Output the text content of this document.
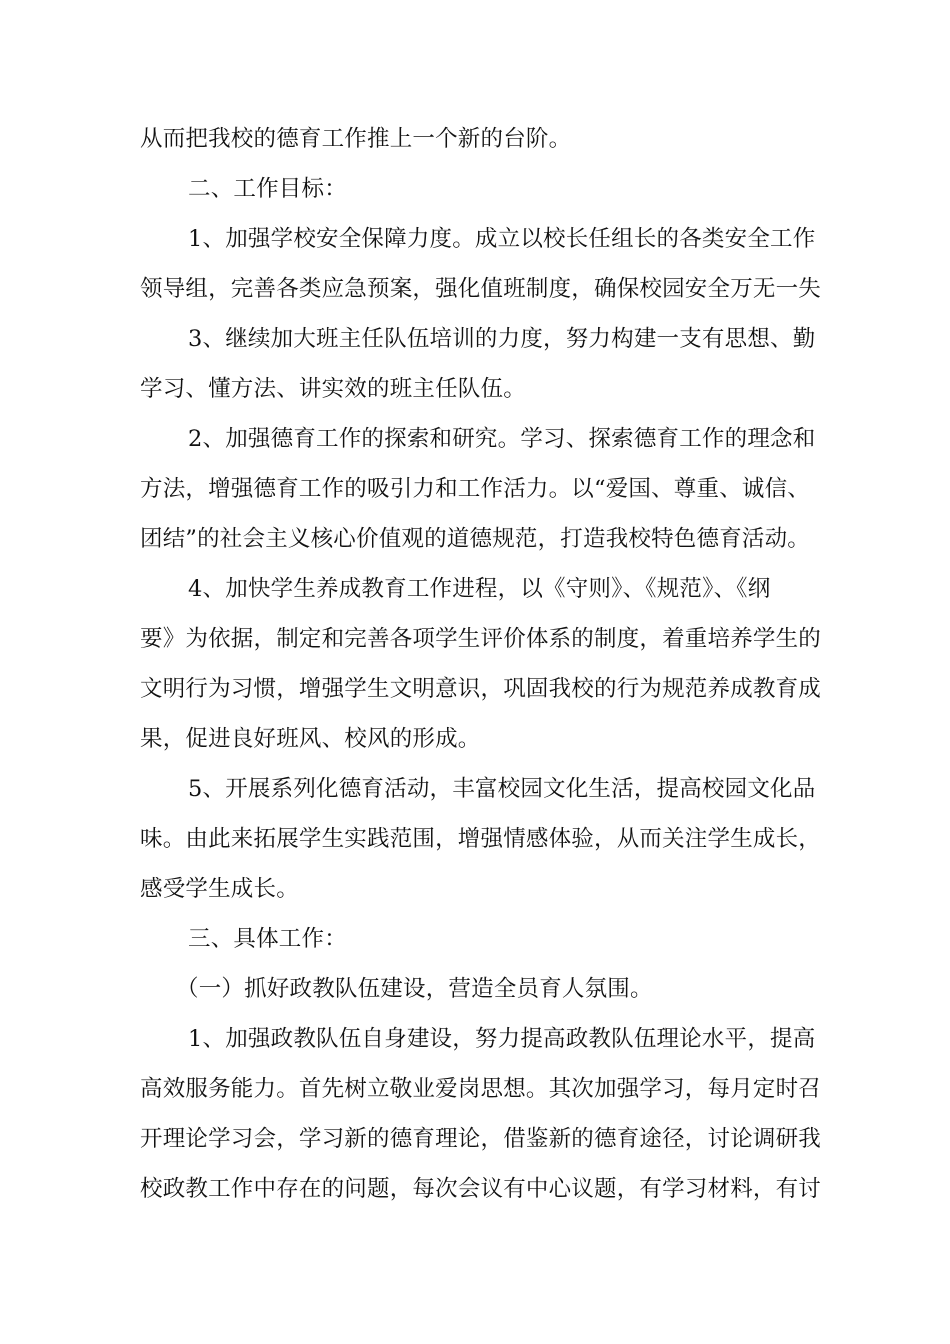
从而把我校的德育工作推上一个新的台阶。
二、工作目标：
1、加强学校安全保障力度。成立以校长任组长的各类安全工作
领导组，完善各类应急预案，强化值班制度，确保校园安全万无一失
3、继续加大班主任队伍培训的力度，努力构建一支有思想、勤
学习、懂方法、讲实效的班主任队伍。
2、加强德育工作的探索和研究。学习、探索德育工作的理念和
方法，增强德育工作的吸引力和工作活力。以“爱国、尊重、诚信、
团结”的社会主义核心价值观的道德规范，打造我校特色德育活动。
4、加快学生养成教育工作进程，以《守则》、《规范》、《纲
要》为依据，制定和完善各项学生评价体系的制度，着重培养学生的
文明行为习惯，增强学生文明意识，巩固我校的行为规范养成教育成
果，促进良好班风、校风的形成。
5、开展系列化德育活动，丰富校园文化生活，提高校园文化品
味。由此来拓展学生实践范围，增强情感体验，从而关注学生成长，
感受学生成长。
三、具体工作：
（一）抓好政教队伍建设，营造全员育人氛围。
1、加强政教队伍自身建设，努力提高政教队伍理论水平，提高
高效服务能力。首先树立敬业爱岗思想。其次加强学习，每月定时召
开理论学习会，学习新的德育理论，借鉴新的德育途径，讨论调研我
校政教工作中存在的问题，每次会议有中心议题，有学习材料，有讨
